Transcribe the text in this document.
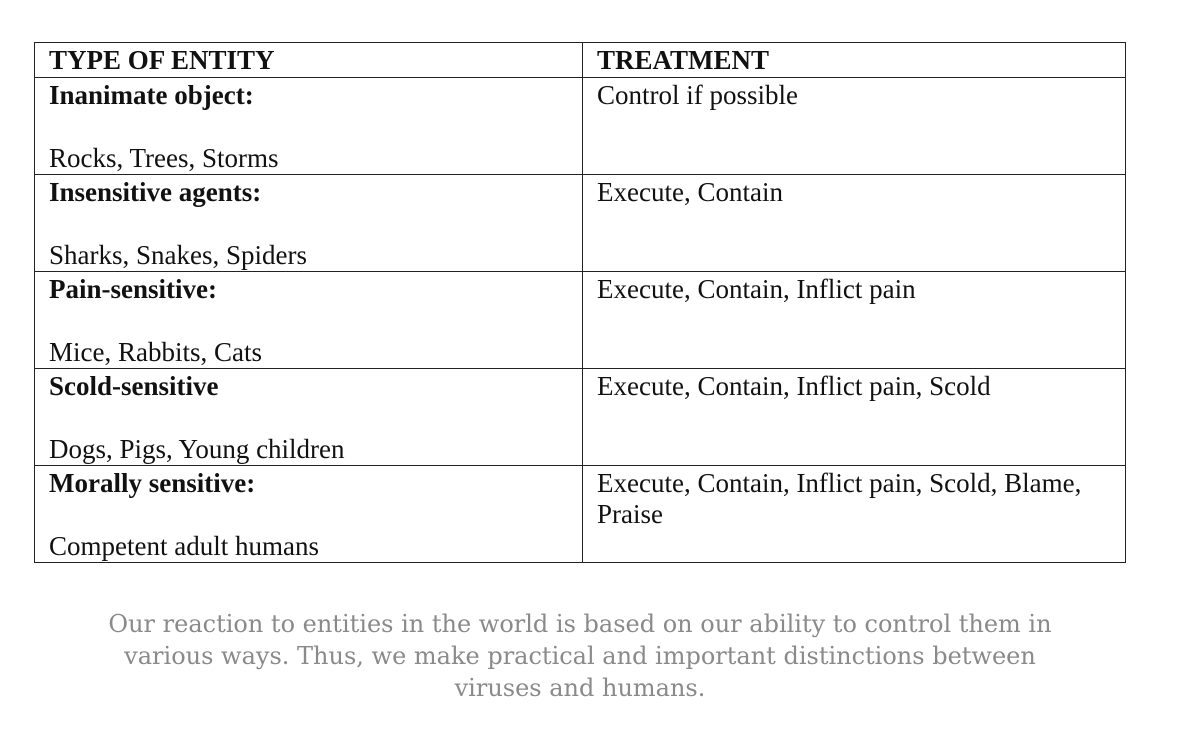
TYPE OF ENTITY	TREATMENT

Inanimate object:
Rocks, Trees, Storms	Control if possible

Insensitive agents:
Sharks, Snakes, Spiders	Execute, Contain

Pain-sensitive:
Mice, Rabbits, Cats	Execute, Contain, Inflict pain

Scold-sensitive
Dogs, Pigs, Young children	Execute, Contain, Inflict pain, Scold

Morally sensitive:
Competent adult humans	Execute, Contain, Inflict pain, Scold, Blame, Praise
Our reaction to entities in the world is based on our ability to control them in various ways. Thus, we make practical and important distinctions between viruses and humans.
